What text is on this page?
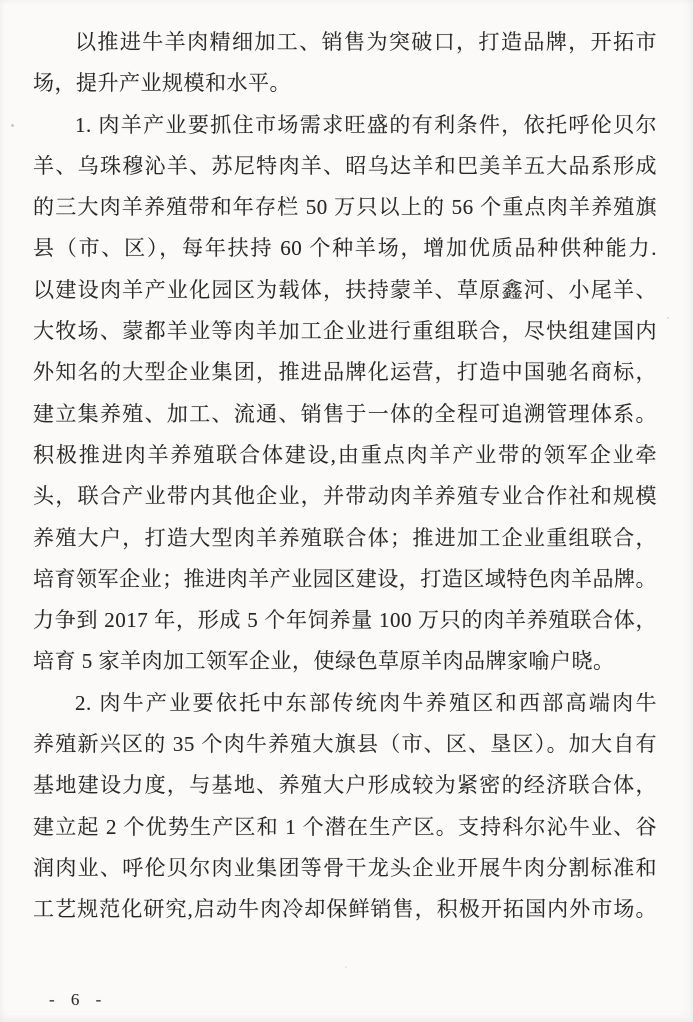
以推进牛羊肉精细加工、销售为突破口，打造品牌，开拓市
场，提升产业规模和水平。
1. 肉羊产业要抓住市场需求旺盛的有利条件，依托呼伦贝尔
羊、乌珠穆沁羊、苏尼特肉羊、昭乌达羊和巴美羊五大品系形成
的三大肉羊养殖带和年存栏 50 万只以上的 56 个重点肉羊养殖旗
县（市、区），每年扶持 60 个种羊场，增加优质品种供种能力.
以建设肉羊产业化园区为载体，扶持蒙羊、草原鑫河、小尾羊、
大牧场、蒙都羊业等肉羊加工企业进行重组联合，尽快组建国内
外知名的大型企业集团，推进品牌化运营，打造中国驰名商标，
建立集养殖、加工、流通、销售于一体的全程可追溯管理体系。
积极推进肉羊养殖联合体建设,由重点肉羊产业带的领军企业牵
头，联合产业带内其他企业，并带动肉羊养殖专业合作社和规模
养殖大户，打造大型肉羊养殖联合体；推进加工企业重组联合，
培育领军企业；推进肉羊产业园区建设，打造区域特色肉羊品牌。
力争到 2017 年，形成 5 个年饲养量 100 万只的肉羊养殖联合体，
培育 5 家羊肉加工领军企业，使绿色草原羊肉品牌家喻户晓。
2. 肉牛产业要依托中东部传统肉牛养殖区和西部高端肉牛
养殖新兴区的 35 个肉牛养殖大旗县（市、区、垦区）。加大自有
基地建设力度，与基地、养殖大户形成较为紧密的经济联合体，
建立起 2 个优势生产区和 1 个潜在生产区。支持科尔沁牛业、谷
润肉业、呼伦贝尔肉业集团等骨干龙头企业开展牛肉分割标准和
工艺规范化研究,启动牛肉冷却保鲜销售，积极开拓国内外市场。
- 6 -
